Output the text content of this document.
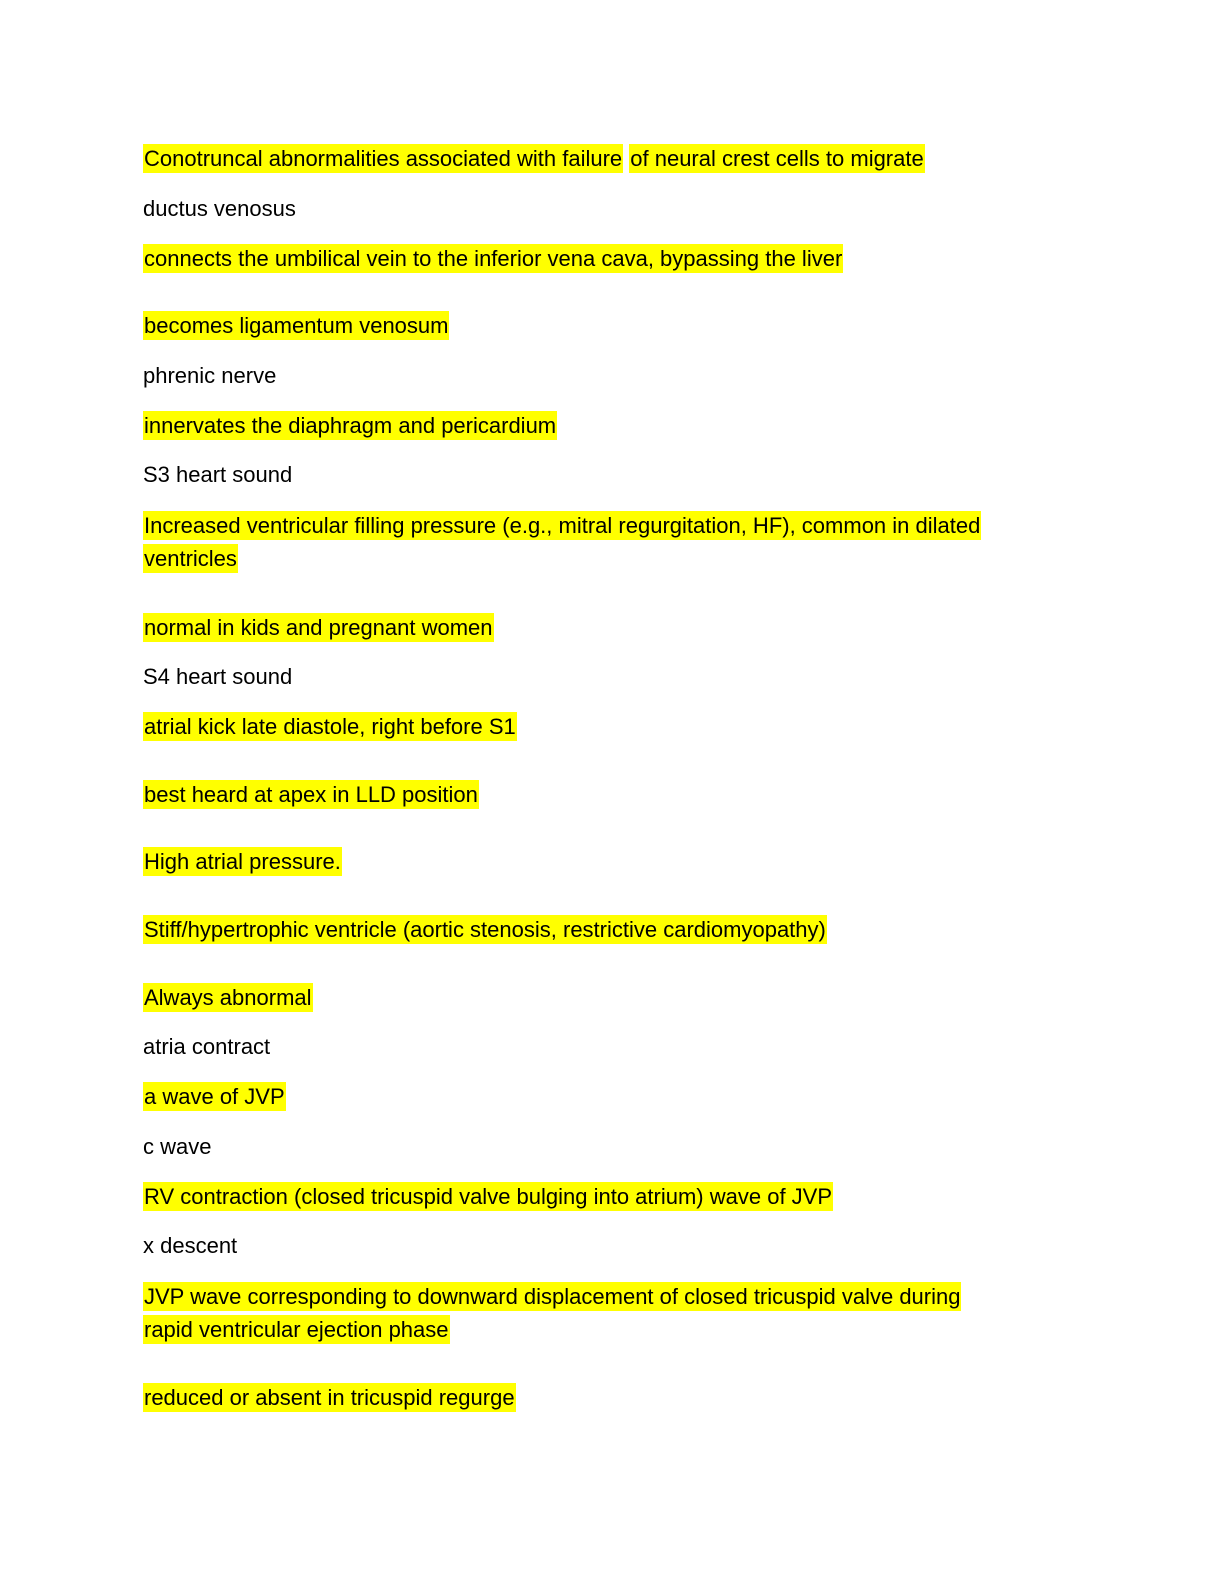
Conotruncal abnormalities associated with failure of neural crest cells to migrate

ductus venosus

connects the umbilical vein to the inferior vena cava, bypassing the liver

becomes ligamentum venosum

phrenic nerve

innervates the diaphragm and pericardium

S3 heart sound

Increased ventricular filling pressure (e.g., mitral regurgitation, HF), common in dilated

ventricles

normal in kids and pregnant women

S4 heart sound

atrial kick late diastole, right before S1

best heard at apex in LLD position

High atrial pressure.

Stiff/hypertrophic ventricle (aortic stenosis, restrictive cardiomyopathy)

Always abnormal

atria contract

a wave of JVP

c wave

RV contraction (closed tricuspid valve bulging into atrium) wave of JVP

x descent

JVP wave corresponding to downward displacement of closed tricuspid valve during

rapid ventricular ejection phase

reduced or absent in tricuspid regurge
